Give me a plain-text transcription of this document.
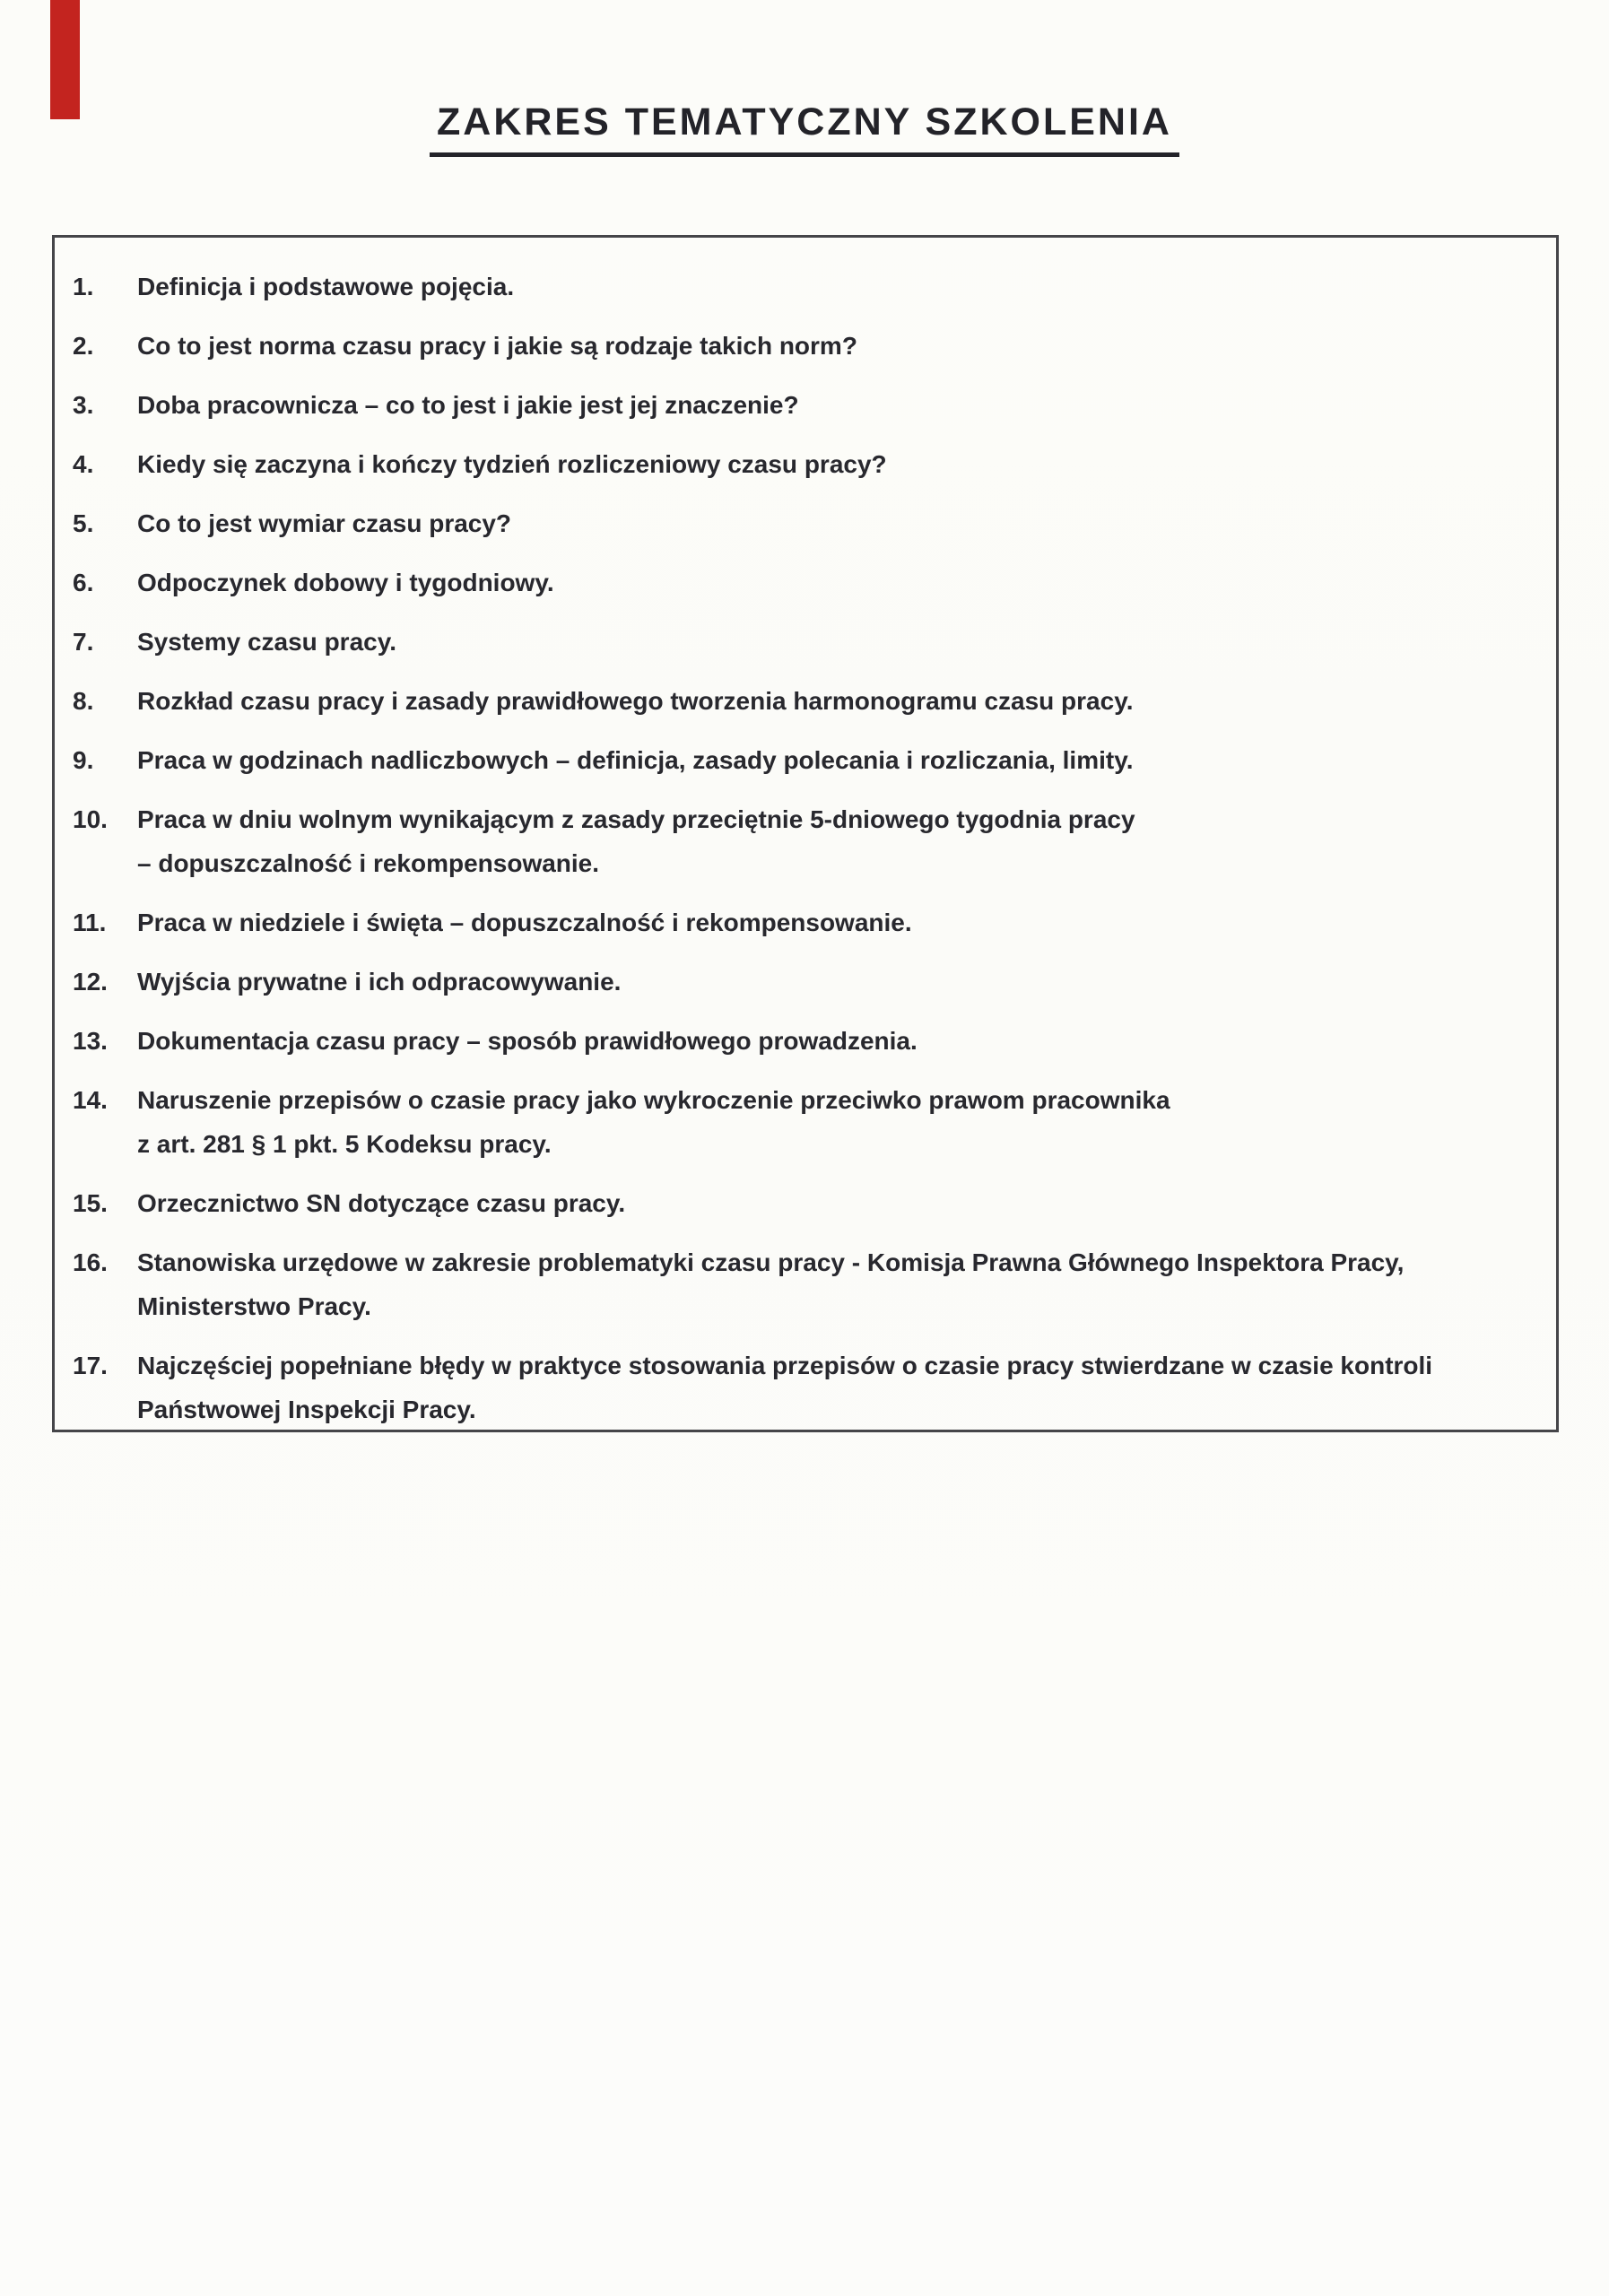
ZAKRES TEMATYCZNY SZKOLENIA
1.	Definicja i podstawowe pojęcia.
2.	Co to jest norma czasu pracy i jakie są rodzaje takich norm?
3.	Doba pracownicza – co to jest i jakie jest jej znaczenie?
4.	Kiedy się zaczyna i kończy tydzień rozliczeniowy czasu pracy?
5.	Co to jest wymiar czasu pracy?
6.	Odpoczynek dobowy i tygodniowy.
7.	Systemy czasu pracy.
8.	Rozkład czasu pracy i zasady prawidłowego tworzenia harmonogramu czasu pracy.
9.	Praca w godzinach nadliczbowych – definicja, zasady polecania i rozliczania, limity.
10.	Praca w dniu wolnym wynikającym z zasady przeciętnie 5-dniowego tygodnia pracy
– dopuszczalność i rekompensowanie.
11.	Praca w niedziele i święta – dopuszczalność i rekompensowanie.
12.	Wyjścia prywatne i ich odpracowywanie.
13.	Dokumentacja czasu pracy – sposób prawidłowego prowadzenia.
14.	Naruszenie przepisów o czasie pracy jako wykroczenie przeciwko prawom pracownika
z art. 281 § 1 pkt. 5 Kodeksu pracy.
15.	Orzecznictwo SN dotyczące czasu pracy.
16.	Stanowiska urzędowe w zakresie problematyki czasu pracy - Komisja Prawna Głównego Inspektora Pracy,
Ministerstwo Pracy.
17.	Najczęściej popełniane błędy w praktyce stosowania przepisów o czasie pracy stwierdzane w czasie kontroli
Państwowej Inspekcji Pracy.
